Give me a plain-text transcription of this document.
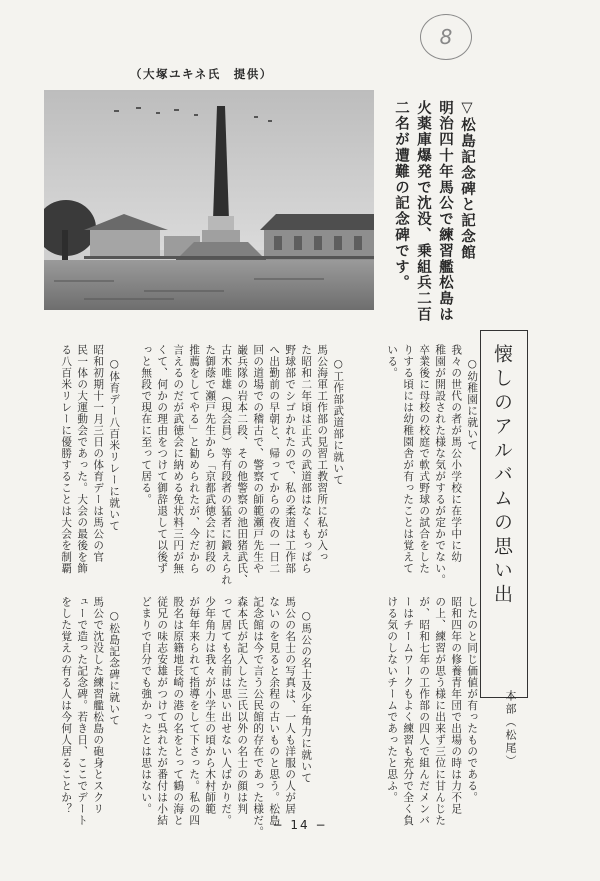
8
（大塚ユキネ氏　提供）
▽松島記念碑と記念館
明治四十年馬公で練習艦松島は
火薬庫爆発で沈没、乗組兵二百
二名が遭難の記念碑です。
懐しのアルバムの思い出
本部（松尾）
いる。 りする頃には幼稚園舎が有ったことは覚えて 卒業後に母校の校庭で軟式野球の試合をした 稚園が開設された様な気がするが定かでない。 我々の世代の者が馬公小学校に在学中に幼 ○幼稚園に就いて
ける気のしないチームであったと思ふ。 ーはチームワークもよく練習も充分で全く負 が、昭和七年の工作部の四人で組んだメンバ の上、練習が思う様に出来ず三位に甘んじた 昭和四年の修養青年団で出場の時は力不足 したのと同じ価値が有ったものである。
る八百米リレーに優勝することは大会を制覇 民一体の大運動会であった。大会の最後を飾 昭和初期十一月三日の体育デーは馬公の官 ○体育デー八百米リレーに就いて っと無段で現在に至って居る。 くて、何かの理由をつけて御辞退して以後ず 言えるのだが武徳会に納める免状料三円が無 推薦をしてやる」と勧められたが、今だから た御蔭で瀬戸先生から「京都武徳会に初段の 古木唯雄（現会員）等有段者の猛者に鍛えられ 巌兵隊の岩本二段、その他警察の池田猪武氏、 回の道場での稽古で、警察の師範瀬戸先生や へ出勤前の早朝と、帰ってからの夜の一日二 野球部でシゴかれたので、私の柔道は工作部 た昭和二年頃は正式の武道部はなくもっぱら 馬公海軍工作部の見習工教習所に私が入っ ○工作部武道部に就いて
をした覚えの有る人は今何人居ることか？ ューで造った記念碑。若き日、ここでデート 馬公で沈没した練習艦松島の砲身とスクリ ○松島記念碑に就いて どまりで自分でも強かったとは思はない。 従兄の味志安雄がつけて呉れたが番付は小結 股名は原籍地長崎の港の名をとって鶴の海と が毎年来られて指導をして下さった。私の四 少年角力は我々が小学生の頃から木村師範 って居ても名前は思い出せない人ばかりだ。 森本氏が記入した三氏以外の名士の顔は判 記念館は今で言う公民館的存在であった様だ。 ないのを見ると余程の古いものと思う。松島 馬公の名士の写真は、一人も洋服の人が居 ○馬公の名士及少年角力に就いて
− 14 −
